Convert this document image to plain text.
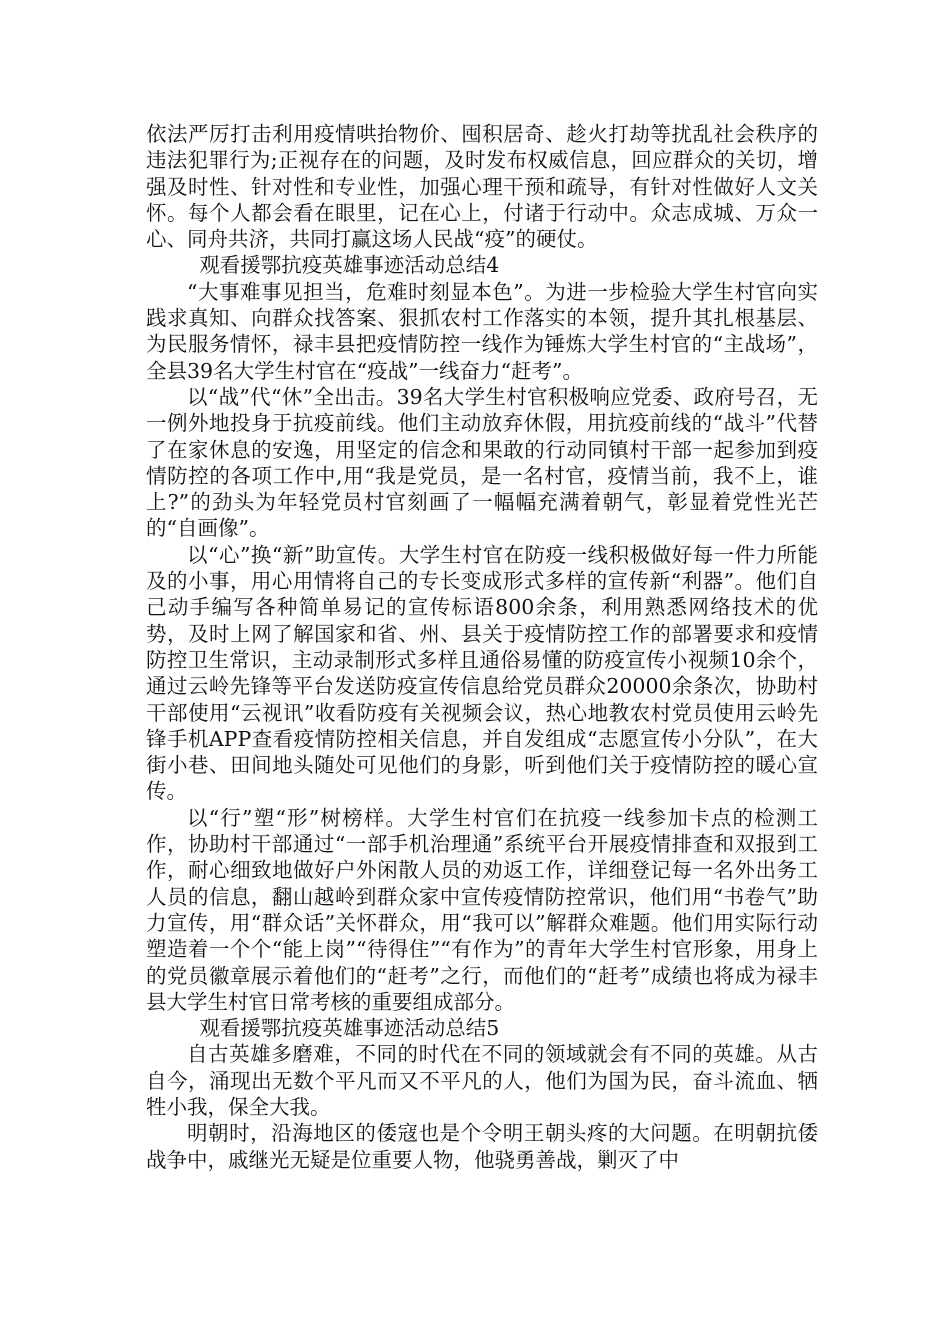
依法严厉打击利用疫情哄抬物价、囤积居奇、趁火打劫等扰乱社会秩序的违法犯罪行为;正视存在的问题，及时发布权威信息，回应群众的关切，增强及时性、针对性和专业性，加强心理干预和疏导，有针对性做好人文关怀。每个人都会看在眼里，记在心上，付诸于行动中。众志成城、万众一心、同舟共济，共同打赢这场人民战“疫”的硬仗。

观看援鄂抗疫英雄事迹活动总结4

“大事难事见担当，危难时刻显本色”。为进一步检验大学生村官向实践求真知、向群众找答案、狠抓农村工作落实的本领，提升其扎根基层、为民服务情怀，禄丰县把疫情防控一线作为锤炼大学生村官的“主战场”，全县39名大学生村官在“疫战”一线奋力“赶考”。

以“战”代“休”全出击。39名大学生村官积极响应党委、政府号召，无一例外地投身于抗疫前线。他们主动放弃休假，用抗疫前线的“战斗”代替了在家休息的安逸，用坚定的信念和果敢的行动同镇村干部一起参加到疫情防控的各项工作中,用“我是党员，是一名村官，疫情当前，我不上，谁上?”的劲头为年轻党员村官刻画了一幅幅充满着朝气，彰显着党性光芒的“自画像”。

以“心”换“新”助宣传。大学生村官在防疫一线积极做好每一件力所能及的小事，用心用情将自己的专长变成形式多样的宣传新“利器”。他们自己动手编写各种简单易记的宣传标语800余条，利用熟悉网络技术的优势，及时上网了解国家和省、州、县关于疫情防控工作的部署要求和疫情防控卫生常识，主动录制形式多样且通俗易懂的防疫宣传小视频10余个，通过云岭先锋等平台发送防疫宣传信息给党员群众20000余条次，协助村干部使用“云视讯”收看防疫有关视频会议，热心地教农村党员使用云岭先锋手机APP查看疫情防控相关信息，并自发组成“志愿宣传小分队”，在大街小巷、田间地头随处可见他们的身影，听到他们关于疫情防控的暖心宣传。

以“行”塑“形”树榜样。大学生村官们在抗疫一线参加卡点的检测工作，协助村干部通过“一部手机治理通”系统平台开展疫情排查和双报到工作，耐心细致地做好户外闲散人员的劝返工作，详细登记每一名外出务工人员的信息，翻山越岭到群众家中宣传疫情防控常识，他们用“书卷气”助力宣传，用“群众话”关怀群众，用“我可以”解群众难题。他们用实际行动塑造着一个个“能上岗”“待得住”“有作为”的青年大学生村官形象，用身上的党员徽章展示着他们的“赶考”之行，而他们的“赶考”成绩也将成为禄丰县大学生村官日常考核的重要组成部分。

观看援鄂抗疫英雄事迹活动总结5

自古英雄多磨难，不同的时代在不同的领域就会有不同的英雄。从古自今，涌现出无数个平凡而又不平凡的人，他们为国为民，奋斗流血、牺牲小我，保全大我。

明朝时，沿海地区的倭寇也是个令明王朝头疼的大问题。在明朝抗倭战争中，戚继光无疑是位重要人物，他骁勇善战，剿灭了中
